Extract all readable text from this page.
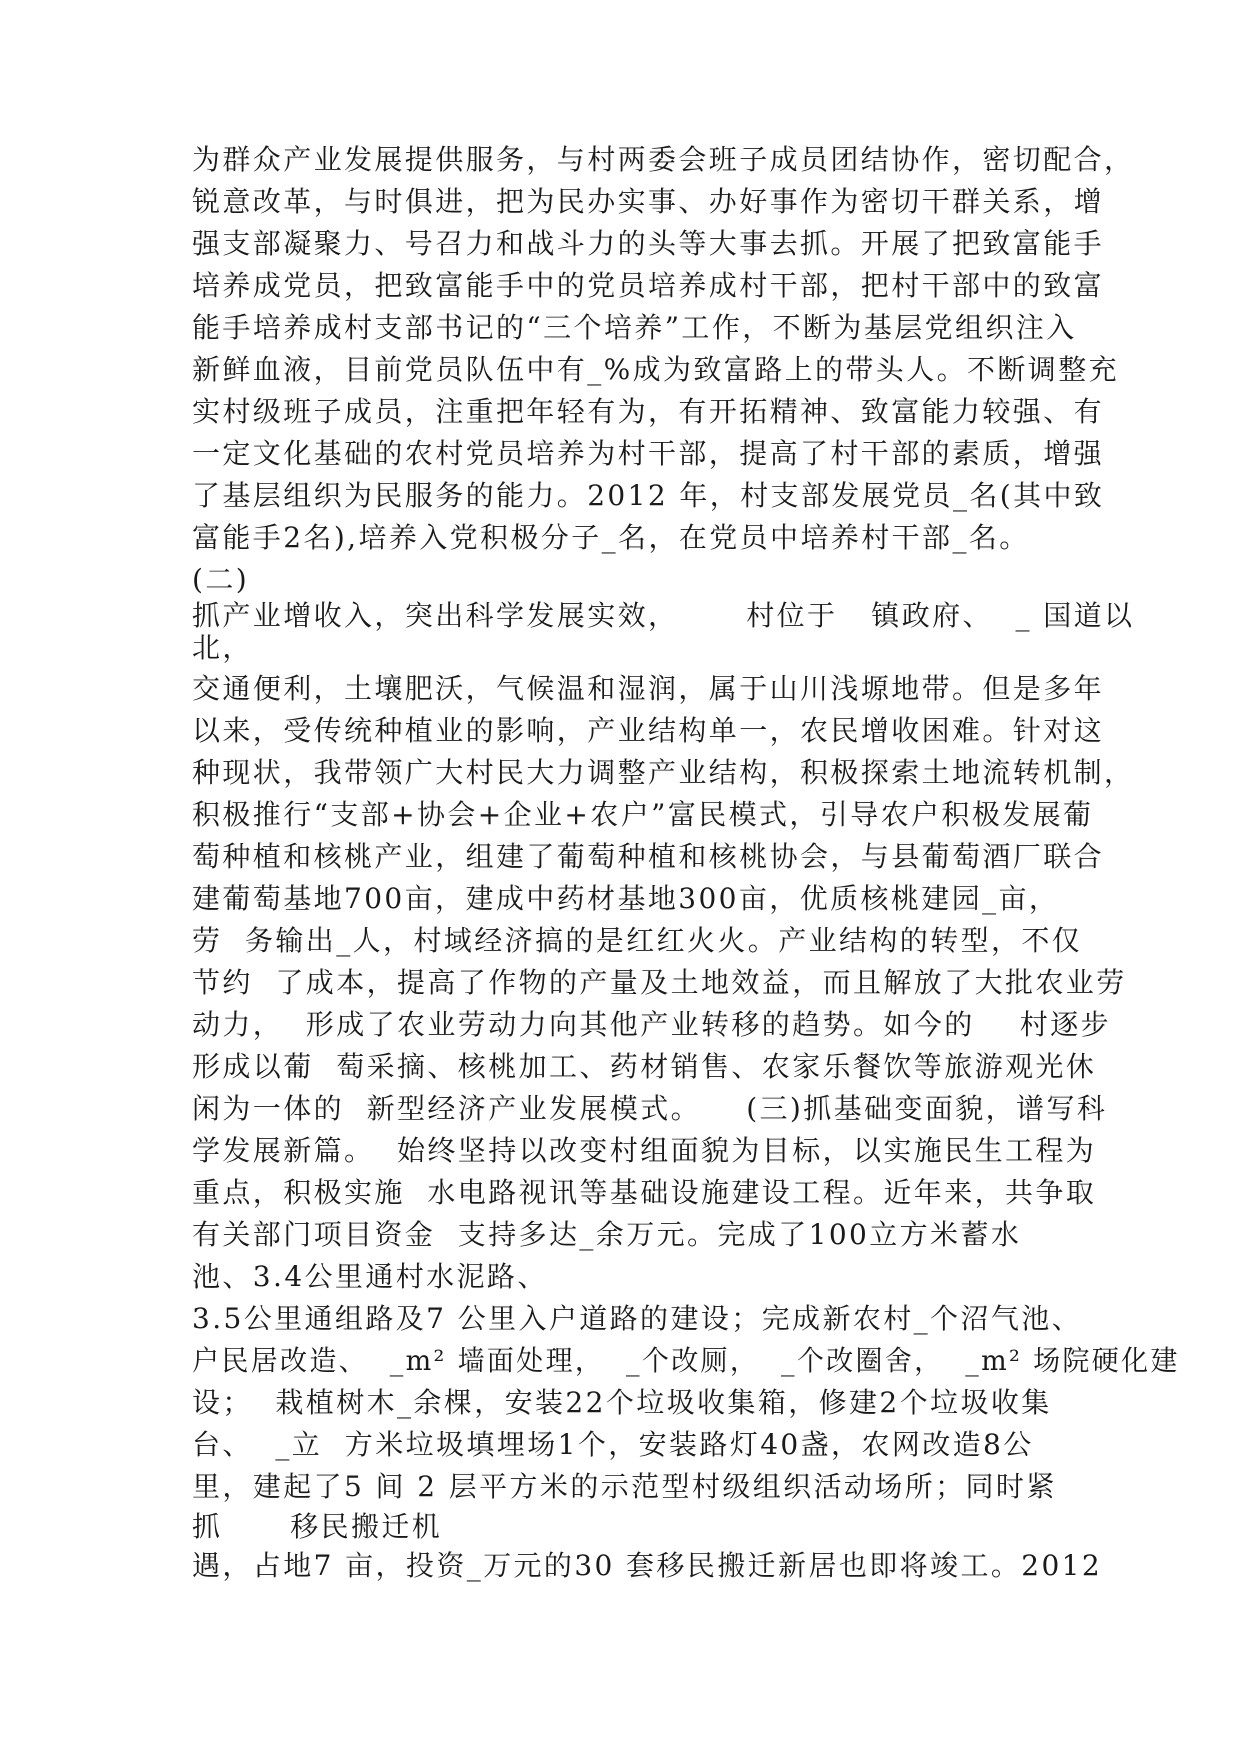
为群众产业发展提供服务，与村两委会班子成员团结协作，密切配合，
锐意改革，与时俱进，把为民办实事、办好事作为密切干群关系，增
强支部凝聚力、号召力和战斗力的头等大事去抓。开展了把致富能手
培养成党员，把致富能手中的党员培养成村干部，把村干部中的致富
能手培养成村支部书记的“三个培养”工作，不断为基层党组织注入
新鲜血液，目前党员队伍中有_%成为致富路上的带头人。不断调整充
实村级班子成员，注重把年轻有为，有开拓精神、致富能力较强、有
一定文化基础的农村党员培养为村干部，提高了村干部的素质，增强
了基层组织为民服务的能力。2012 年，村支部发展党员_名(其中致
富能手2名),培养入党积极分子_名，在党员中培养村干部_名。
(二)
抓产业增收入，突出科学发展实效，      村位于   镇政府、  _ 国道以
北，
交通便利，土壤肥沃，气候温和湿润，属于山川浅塬地带。但是多年
以来，受传统种植业的影响，产业结构单一，农民增收困难。针对这
种现状，我带领广大村民大力调整产业结构，积极探索土地流转机制，
积极推行“支部+协会+企业+农户”富民模式，引导农户积极发展葡
萄种植和核桃产业，组建了葡萄种植和核桃协会，与县葡萄酒厂联合
建葡萄基地700亩，建成中药材基地300亩，优质核桃建园_亩，
劳  务输出_人，村域经济搞的是红红火火。产业结构的转型，不仅
节约  了成本，提高了作物的产量及土地效益，而且解放了大批农业劳
动力，  形成了农业劳动力向其他产业转移的趋势。如今的    村逐步
形成以葡  萄采摘、核桃加工、药材销售、农家乐餐饮等旅游观光休
闲为一体的  新型经济产业发展模式。    (三)抓基础变面貌，谱写科
学发展新篇。  始终坚持以改变村组面貌为目标，以实施民生工程为
重点，积极实施  水电路视讯等基础设施建设工程。近年来，共争取
有关部门项目资金  支持多达_余万元。完成了100立方米蓄水
池、3.4公里通村水泥路、
3.5公里通组路及7 公里入户道路的建设；完成新农村_个沼气池、
户民居改造、  _m² 墙面处理，  _个改厕，  _个改圈舍，  _m² 场院硬化建
设；  栽植树木_余棵，安装22个垃圾收集箱，修建2个垃圾收集
台、  _立  方米垃圾填埋场1个，安装路灯40盏，农网改造8公
里，建起了5 间 2 层平方米的示范型村级组织活动场所；同时紧
抓      移民搬迁机
遇，占地7 亩，投资_万元的30 套移民搬迁新居也即将竣工。2012
